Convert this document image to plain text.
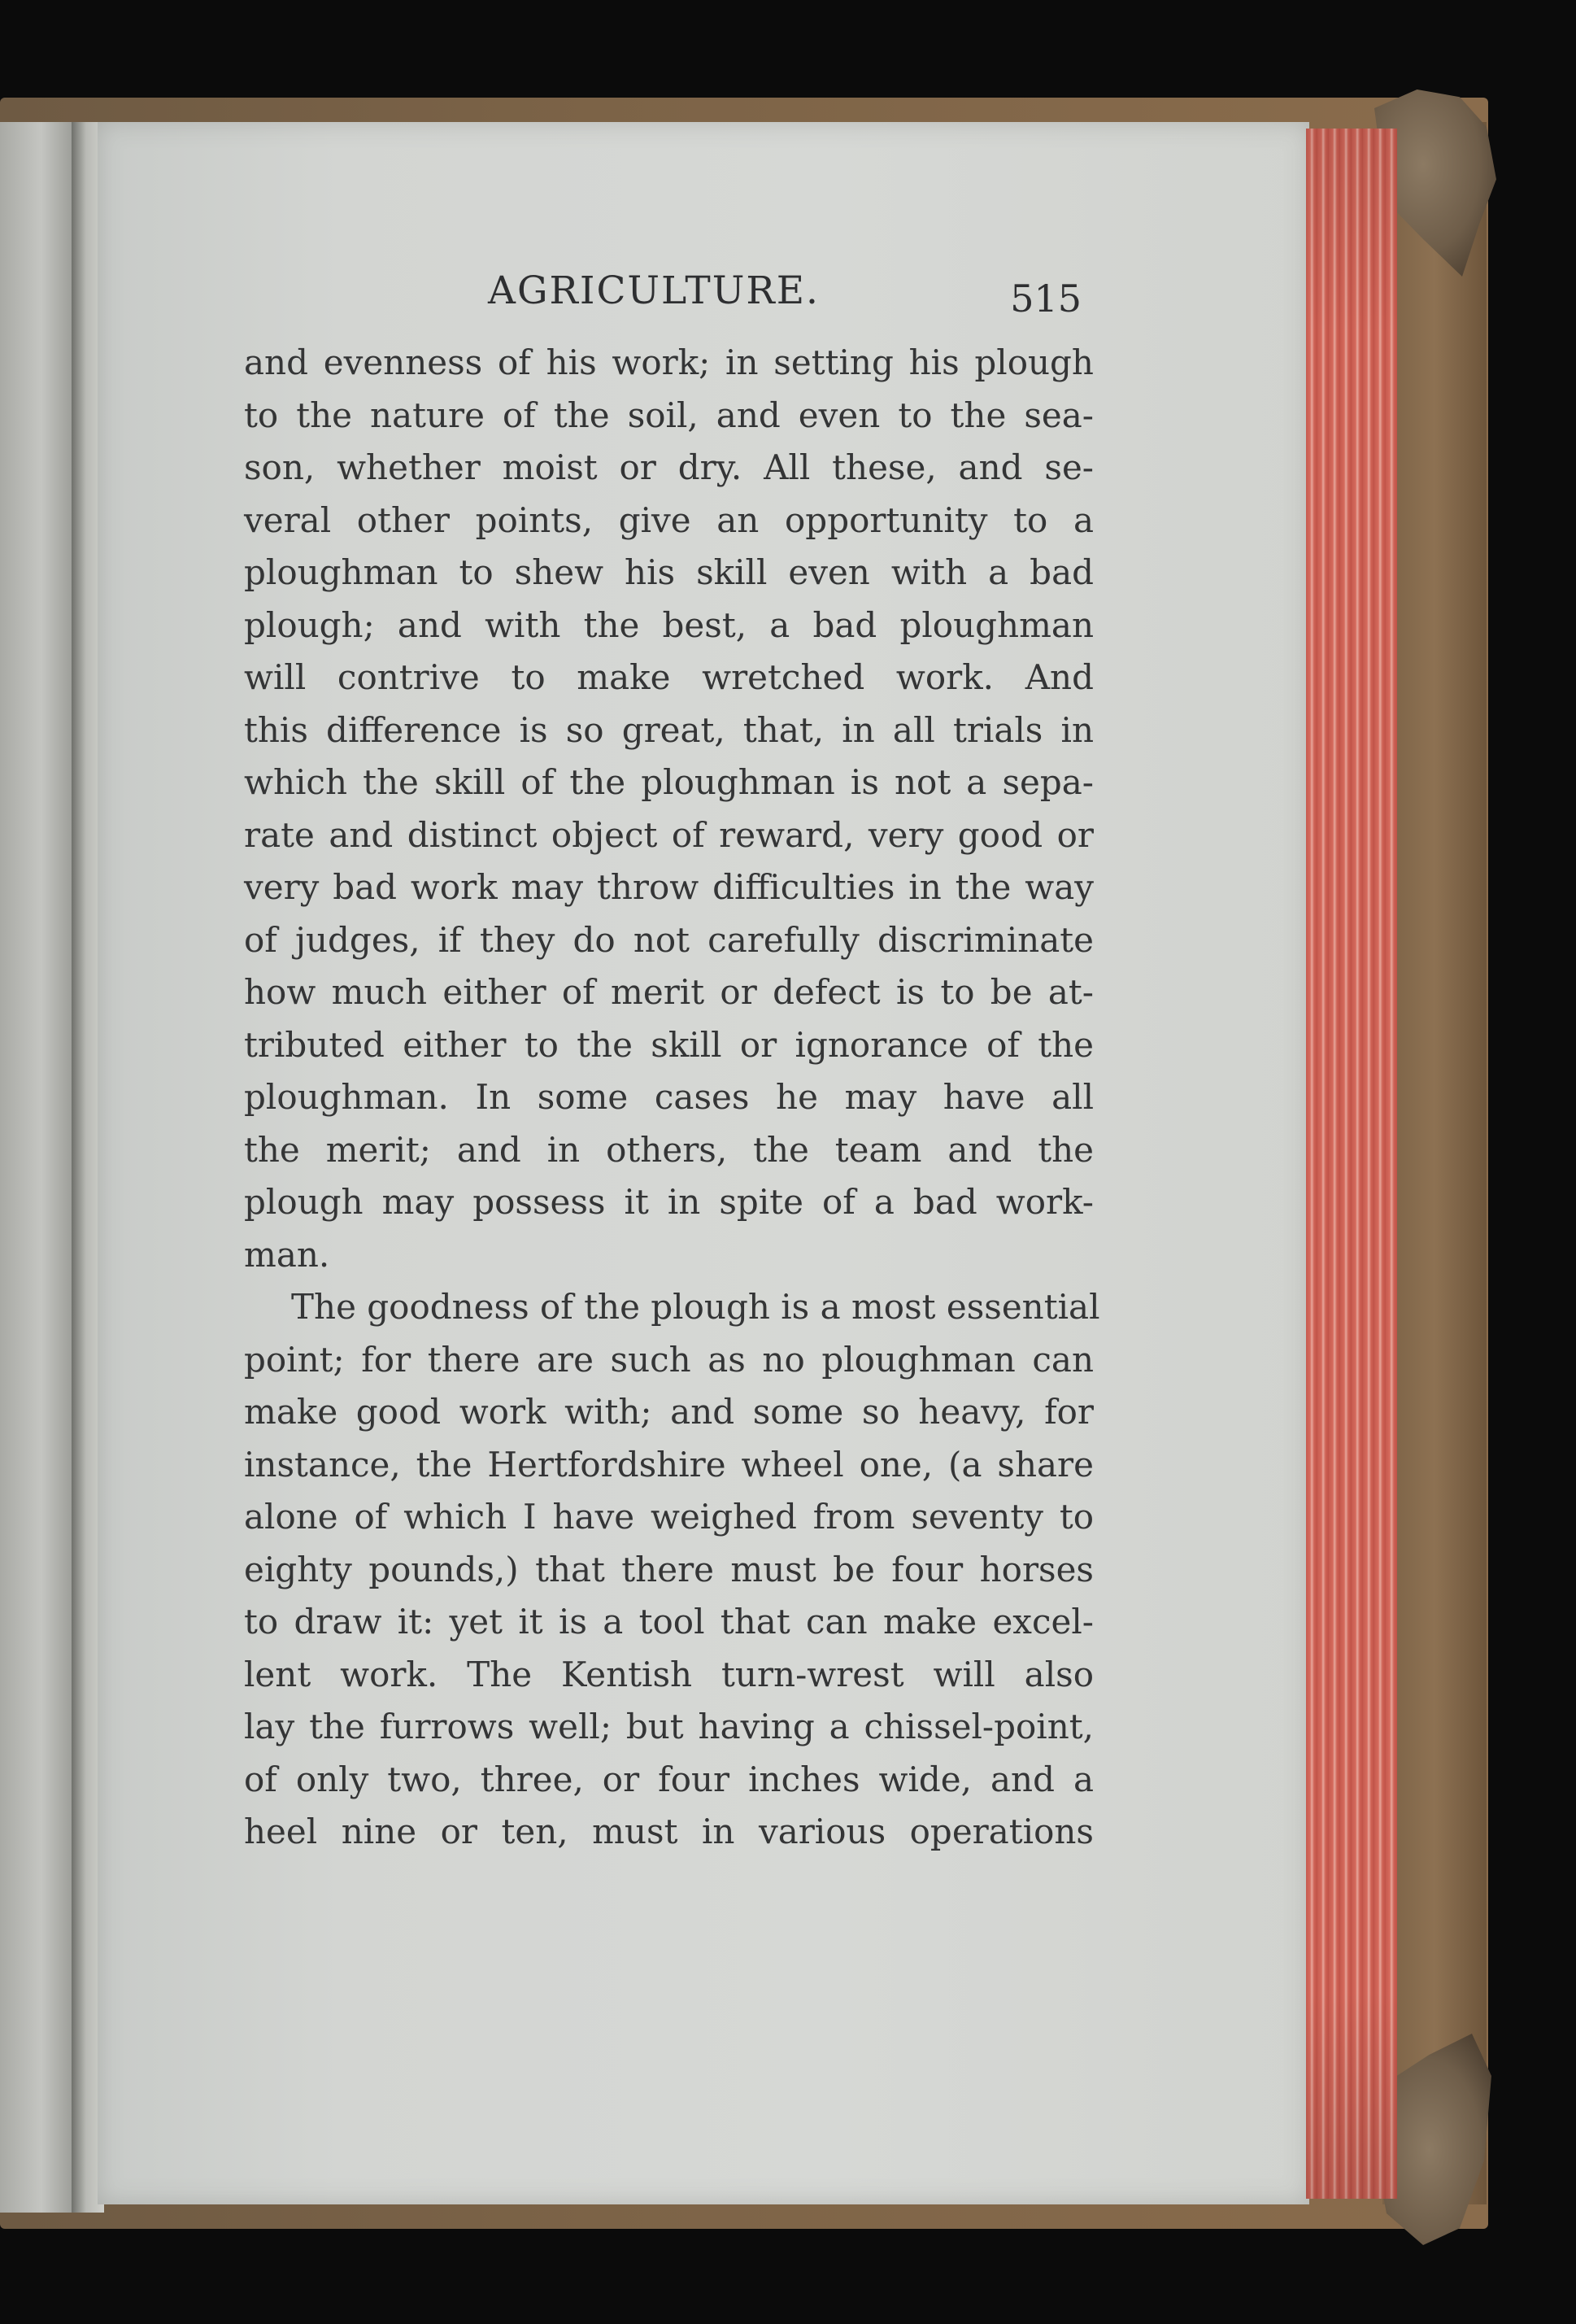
AGRICULTURE.	515
and evenness of his work; in setting his plough
to the nature of the soil, and even to the sea-
son, whether moist or dry. All these, and se-
veral other points, give an opportunity to a
ploughman to shew his skill even with a bad
plough; and with the best, a bad ploughman
will contrive to make wretched work. And
this difference is so great, that, in all trials in
which the skill of the ploughman is not a sepa-
rate and distinct object of reward, very good or
very bad work may throw difficulties in the way
of judges, if they do not carefully discriminate
how much either of merit or defect is to be at-
tributed either to the skill or ignorance of the
ploughman. In some cases he may have all
the merit; and in others, the team and the
plough may possess it in spite of a bad work-
man.
The goodness of the plough is a most essential
point; for there are such as no ploughman can
make good work with; and some so heavy, for
instance, the Hertfordshire wheel one, (a share
alone of which I have weighed from seventy to
eighty pounds,) that there must be four horses
to draw it: yet it is a tool that can make excel-
lent work. The Kentish turn-wrest will also
lay the furrows well; but having a chissel-point,
of only two, three, or four inches wide, and a
heel nine or ten, must in various operations
